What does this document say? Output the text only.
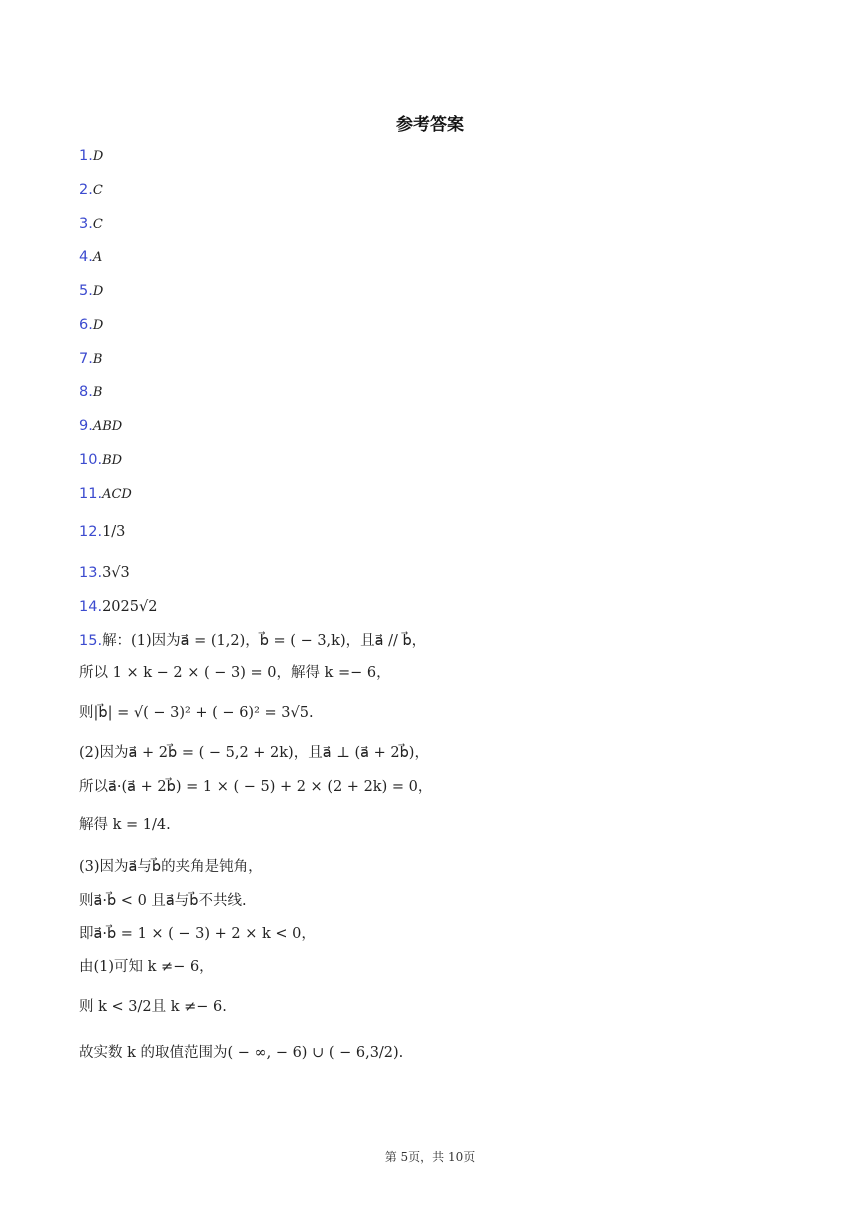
参考答案
1.D
2.C
3.C
4.A
5.D
6.D
7.B
8.B
9.ABD
10.BD
11.ACD
12.1/3
13.3√3
14.2025√2
15.解：(1)因为a⃗ = (1,2)，b⃗ = ( − 3,k)，且a⃗ // b⃗，
所以 1 × k − 2 × ( − 3) = 0，解得 k =− 6，
则|b⃗| = √( − 3)² + ( − 6)² = 3√5.
(2)因为a⃗ + 2b⃗ = ( − 5,2 + 2k)，且a⃗ ⊥ (a⃗ + 2b⃗)，
所以a⃗·(a⃗ + 2b⃗) = 1 × ( − 5) + 2 × (2 + 2k) = 0，
解得 k = 1/4.
(3)因为a⃗与b⃗的夹角是钝角，
则a⃗·b⃗ < 0 且a⃗与b⃗不共线.
即a⃗·b⃗ = 1 × ( − 3) + 2 × k < 0，
由(1)可知 k ≠− 6，
则 k < 3/2且 k ≠− 6.
故实数 k 的取值范围为( − ∞, − 6) ∪ ( − 6,3/2).
第 5页，共 10页
